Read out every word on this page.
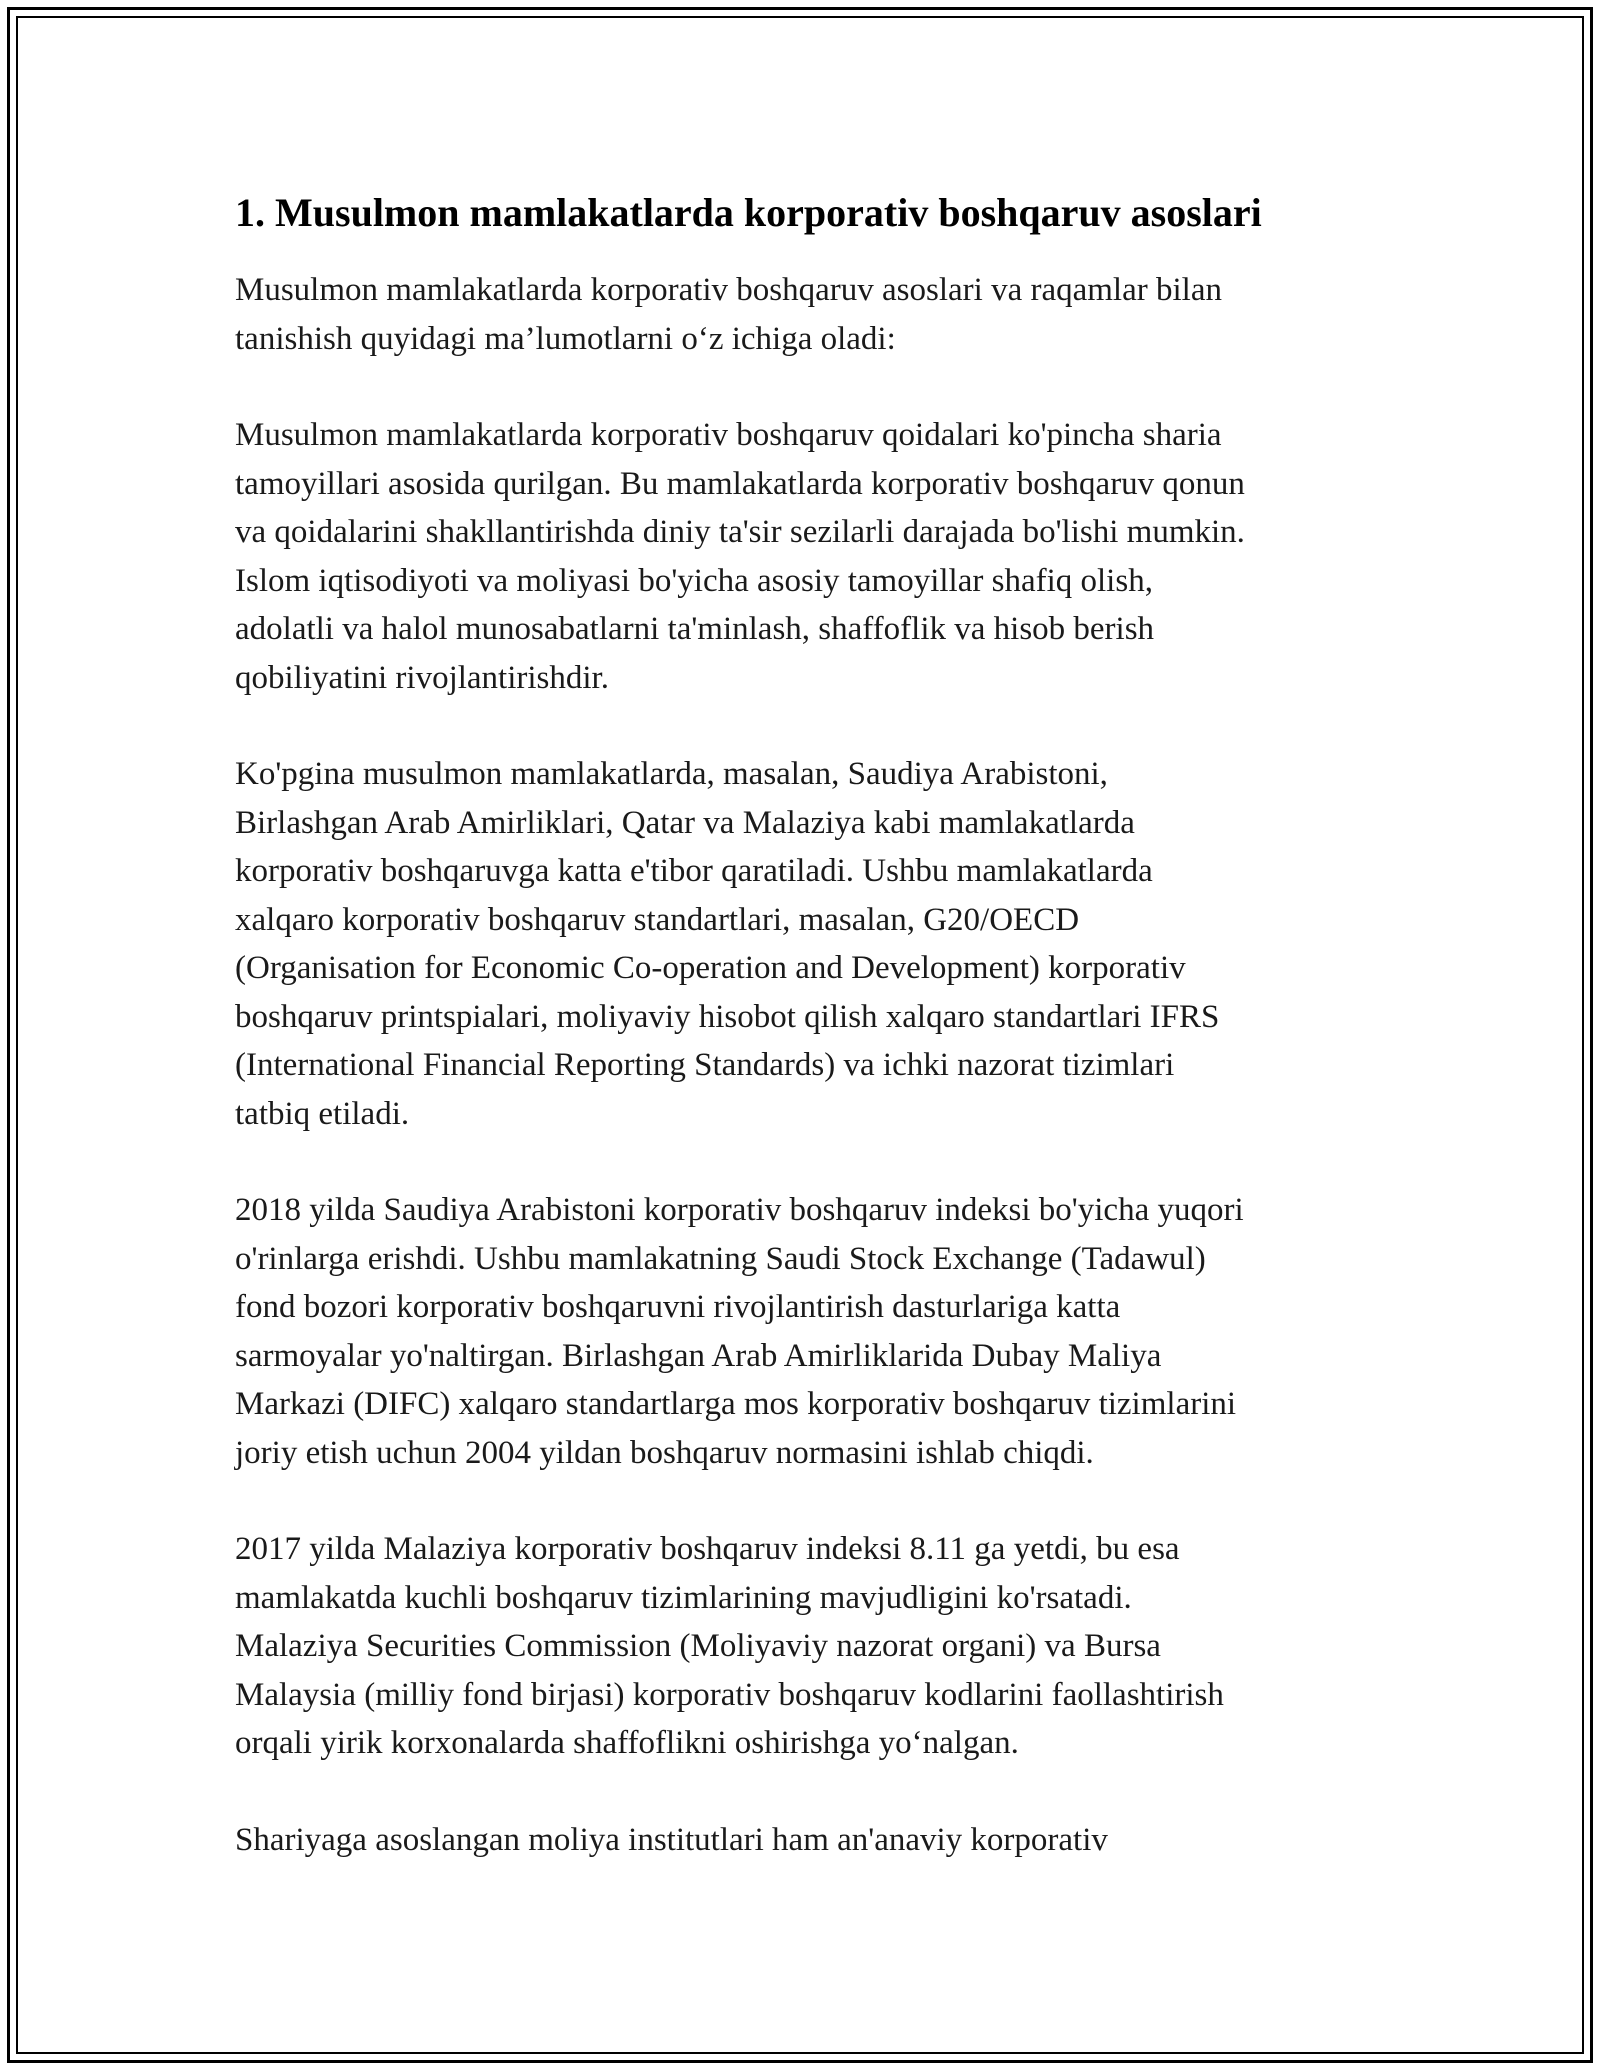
1. Musulmon mamlakatlarda korporativ boshqaruv asoslari

Musulmon mamlakatlarda korporativ boshqaruv asoslari va raqamlar bilan
tanishish quyidagi ma’lumotlarni o‘z ichiga oladi:

Musulmon mamlakatlarda korporativ boshqaruv qoidalari ko'pincha sharia
tamoyillari asosida qurilgan. Bu mamlakatlarda korporativ boshqaruv qonun
va qoidalarini shakllantirishda diniy ta'sir sezilarli darajada bo'lishi mumkin.
Islom iqtisodiyoti va moliyasi bo'yicha asosiy tamoyillar shafiq olish,
adolatli va halol munosabatlarni ta'minlash, shaffoflik va hisob berish
qobiliyatini rivojlantirishdir.

Ko'pgina musulmon mamlakatlarda, masalan, Saudiya Arabistoni,
Birlashgan Arab Amirliklari, Qatar va Malaziya kabi mamlakatlarda
korporativ boshqaruvga katta e'tibor qaratiladi. Ushbu mamlakatlarda
xalqaro korporativ boshqaruv standartlari, masalan, G20/OECD
(Organisation for Economic Co-operation and Development) korporativ
boshqaruv printspialari, moliyaviy hisobot qilish xalqaro standartlari IFRS
(International Financial Reporting Standards) va ichki nazorat tizimlari
tatbiq etiladi.

2018 yilda Saudiya Arabistoni korporativ boshqaruv indeksi bo'yicha yuqori
o'rinlarga erishdi. Ushbu mamlakatning Saudi Stock Exchange (Tadawul)
fond bozori korporativ boshqaruvni rivojlantirish dasturlariga katta
sarmoyalar yo'naltirgan. Birlashgan Arab Amirliklarida Dubay Maliya
Markazi (DIFC) xalqaro standartlarga mos korporativ boshqaruv tizimlarini
joriy etish uchun 2004 yildan boshqaruv normasini ishlab chiqdi.

2017 yilda Malaziya korporativ boshqaruv indeksi 8.11 ga yetdi, bu esa
mamlakatda kuchli boshqaruv tizimlarining mavjudligini ko'rsatadi.
Malaziya Securities Commission (Moliyaviy nazorat organi) va Bursa
Malaysia (milliy fond birjasi) korporativ boshqaruv kodlarini faollashtirish
orqali yirik korxonalarda shaffoflikni oshirishga yo‘nalgan.

Shariyaga asoslangan moliya institutlari ham an'anaviy korporativ
